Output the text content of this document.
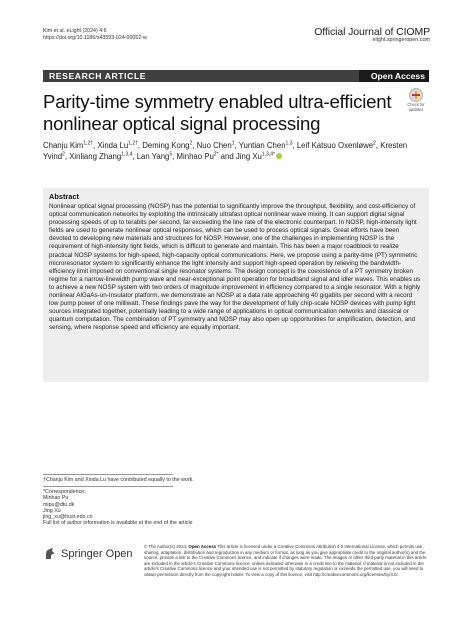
Kim et al. eLight (2024) 4:6
https://doi.org/10.1186/s43593-024-00062-w	Official Journal of CIOMP
elight.springeropen.com
RESEARCH ARTICLE	Open Access
Parity-time symmetry enabled ultra-efficient nonlinear optical signal processing
Check for
updates
Chanju Kim$^{1,2\dagger}$, Xinda $Lu^{1,2\dagger}$, Deming Kong$^2$, Nuo Chen$^1$, Yuntian Chen$^{1,3}$, Leif Katsuo Oxenløwe$^2$, Kresten Yvind$^2$, Xinliang Zhang$^{1,3,4}$, Lan Yang$^5$, Minhao $Pu^{2*}$ and Jing $Xu^{1,3,4*}$
Abstract
Nonlinear optical signal processing (NOSP) has the potential to significantly improve the throughput, flexibility, and cost-efficiency of optical communication networks by exploiting the intrinsically ultrafast optical nonlinear wave mixing. It can support digital signal processing speeds of up to terabits per second, far exceeding the line rate of the electronic counterpart. In NOSP, high-intensity light fields are used to generate nonlinear optical responses, which can be used to process optical signals. Great efforts have been devoted to developing new materials and structures for NOSP. However, one of the challenges in implementing NOSP is the requirement of high-intensity light fields, which is difficult to generate and maintain. This has been a major roadblock to realize practical NOSP systems for high-speed, high-capacity optical communications. Here, we propose using a parity-time (PT) symmetric microresonator system to significantly enhance the light intensity and support high-speed operation by relieving the bandwidth-efficiency limit imposed on conventional single resonator systems. The design concept is the coexistence of a PT symmetry broken regime for a narrow-linewidth pump wave and near-exceptional point operation for broadband signal and idler waves. This enables us to achieve a new NOSP system with two orders of magnitude improvement in efficiency compared to a single resonator. With a highly nonlinear AlGaAs-on-Insulator platform, we demonstrate an NOSP at a data rate approaching 40 gigabits per second with a record low pump power of one milliwatt. These findings pave the way for the development of fully chip-scale NOSP devices with pump light sources integrated together, potentially leading to a wide range of applications in optical communication networks and classical or quantum computation. The combination of PT symmetry and NOSP may also open up opportunities for amplification, detection, and sensing, where response speed and efficiency are equally important.
†Chanju Kim and Xinda Lu have contributed equally to the work.
*Correspondence:
Minhao Pu
mipu@dtu.dk
Jing Xu
jing_xu@hust.edu.cn
Full list of author information is available at the end of the article
Springer Open
© The Author(s) 2024. Open Access This article is licensed under a Creative Commons Attribution 4.0 International License, which permits use, sharing, adaptation, distribution and reproduction in any medium or format, as long as you give appropriate credit to the original author(s) and the source, provide a link to the Creative Commons licence, and indicate if changes were made. The images or other third party material in this article are included in the article's Creative Commons licence, unless indicated otherwise in a credit line to the material. If material is not included in the article's Creative Commons licence and your intended use is not permitted by statutory regulation or exceeds the permitted use, you will need to obtain permission directly from the copyright holder. To view a copy of this licence, visit http://creativecommons.org/licenses/by/4.0/.
